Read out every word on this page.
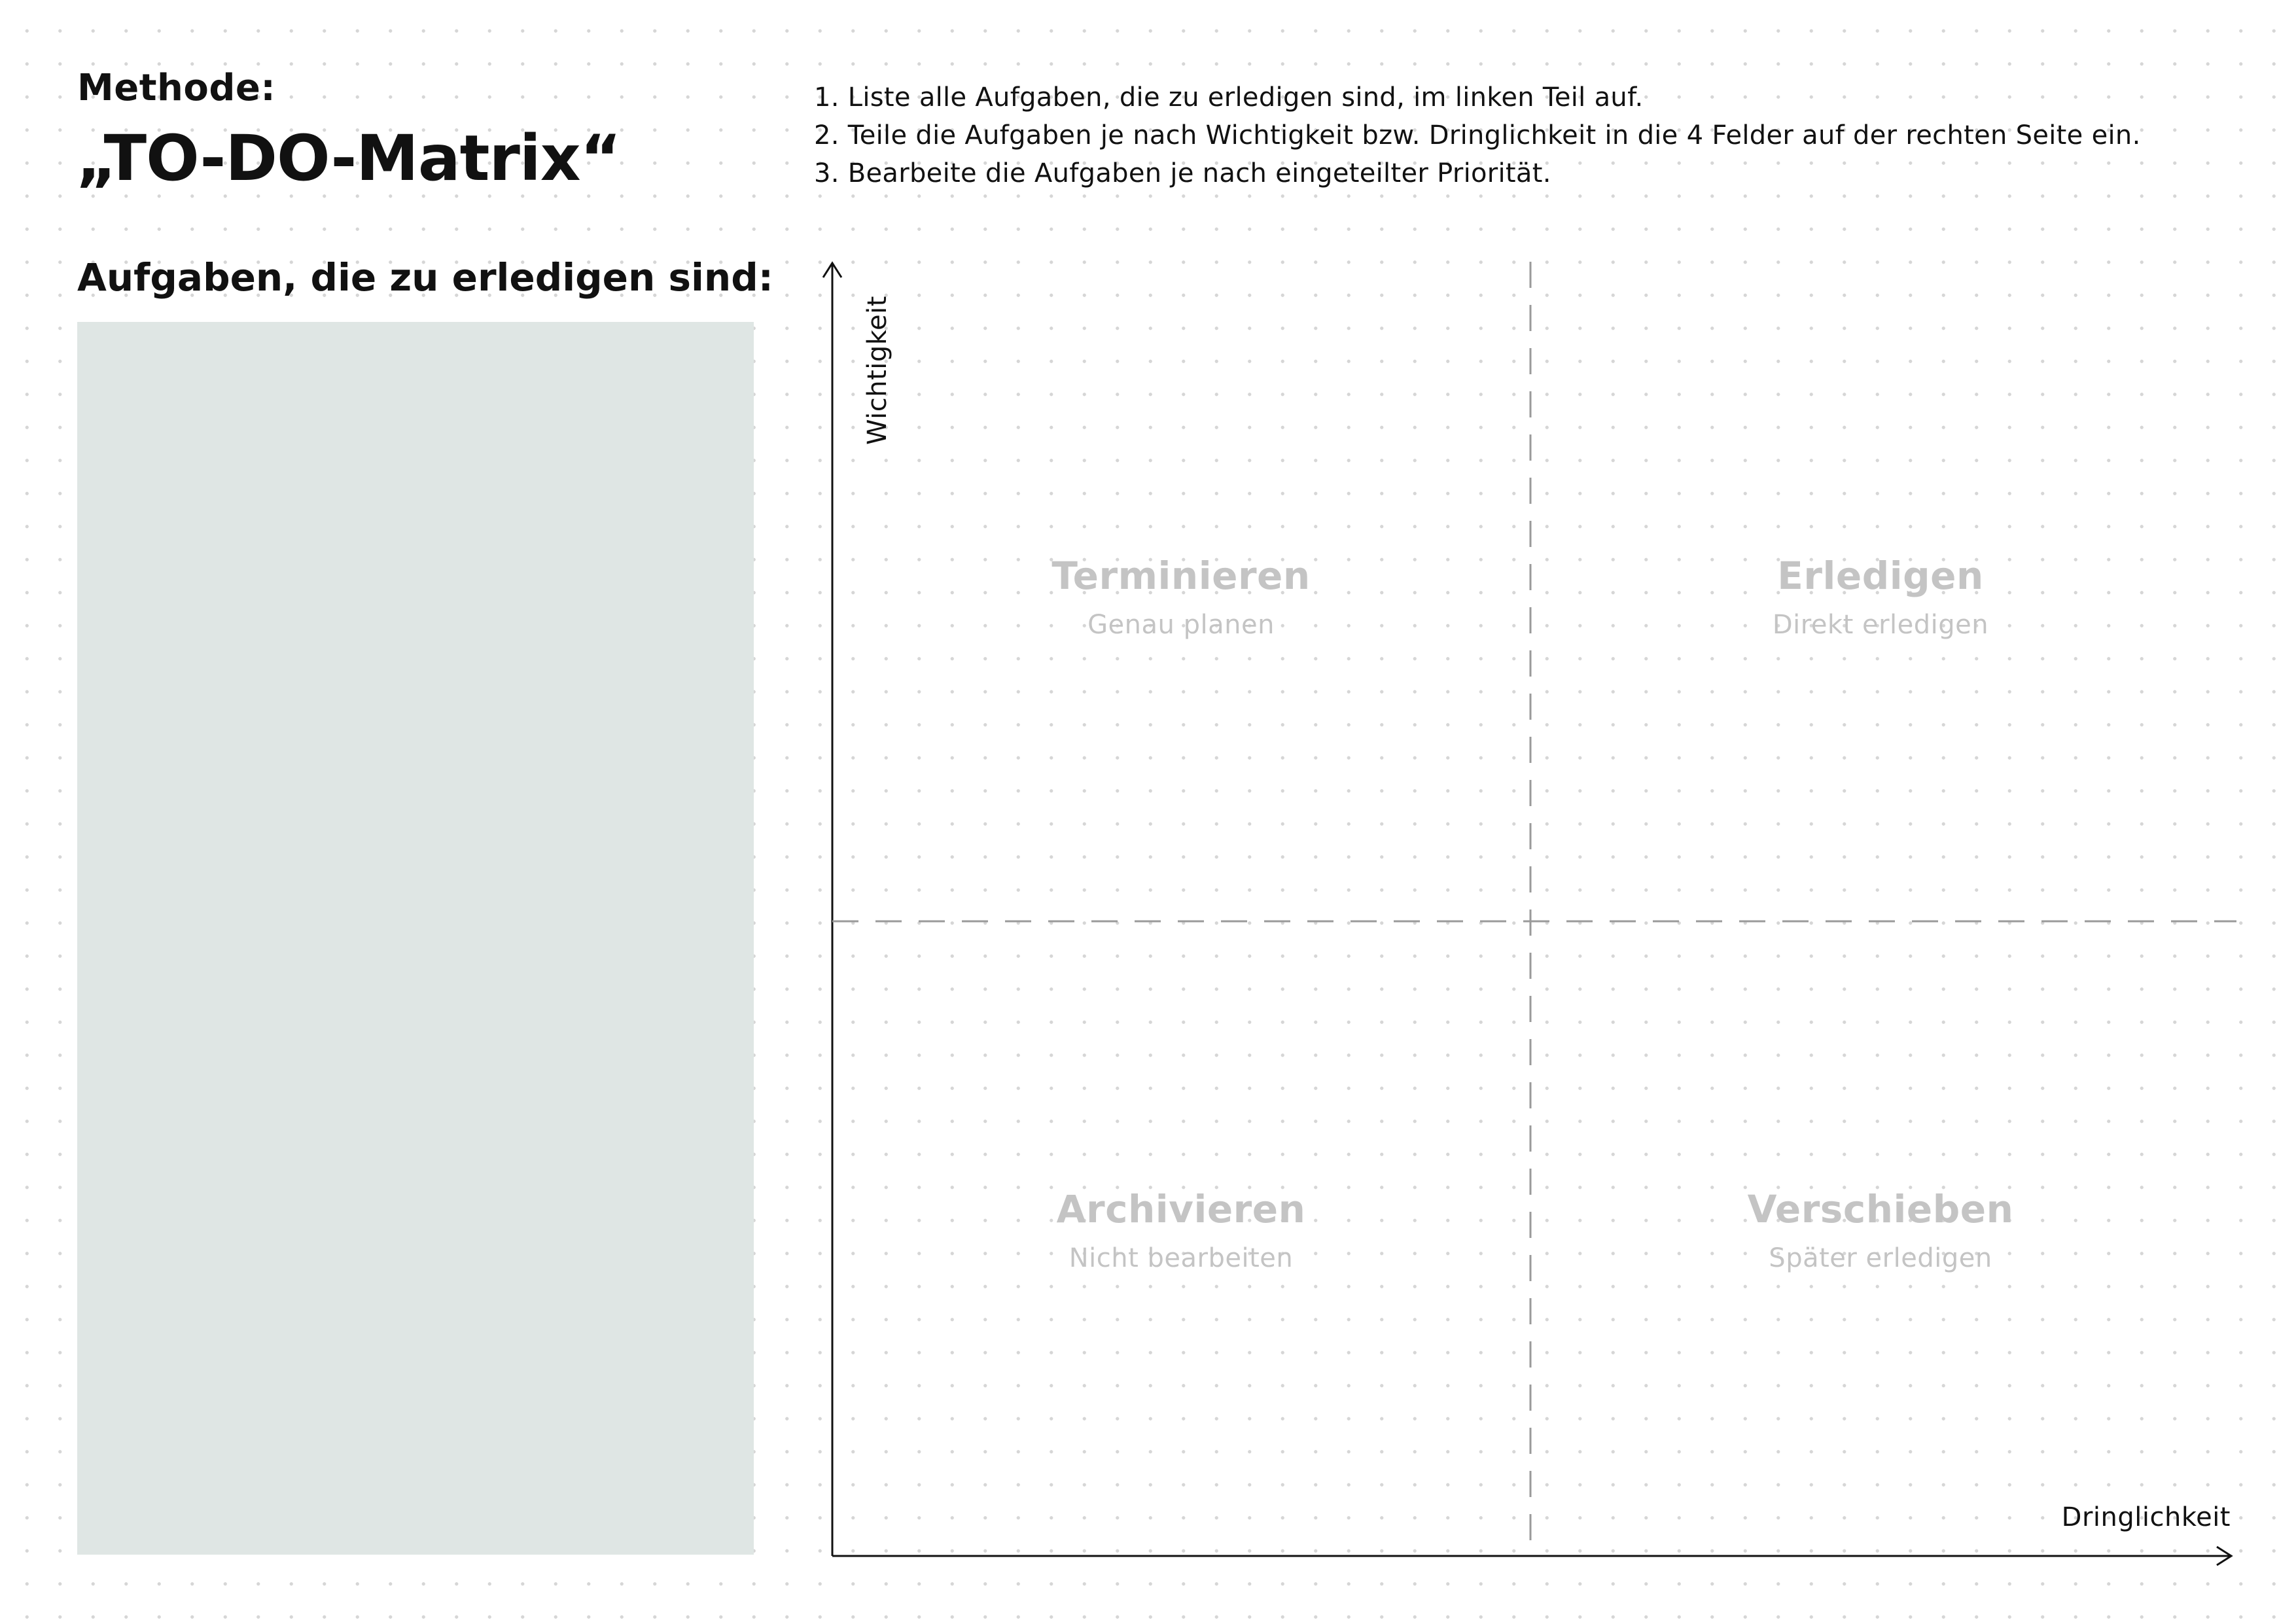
Methode:
„TO-DO-Matrix“
1. Liste alle Aufgaben, die zu erledigen sind, im linken Teil auf.
2. Teile die Aufgaben je nach Wichtigkeit bzw. Dringlichkeit in die 4 Felder auf der rechten Seite ein.
3. Bearbeite die Aufgaben je nach eingeteilter Priorität.
Aufgaben, die zu erledigen sind:
Wichtigkeit
Dringlichkeit
Terminieren
Genau planen
Erledigen
Direkt erledigen
Archivieren
Nicht bearbeiten
Verschieben
Später erledigen
